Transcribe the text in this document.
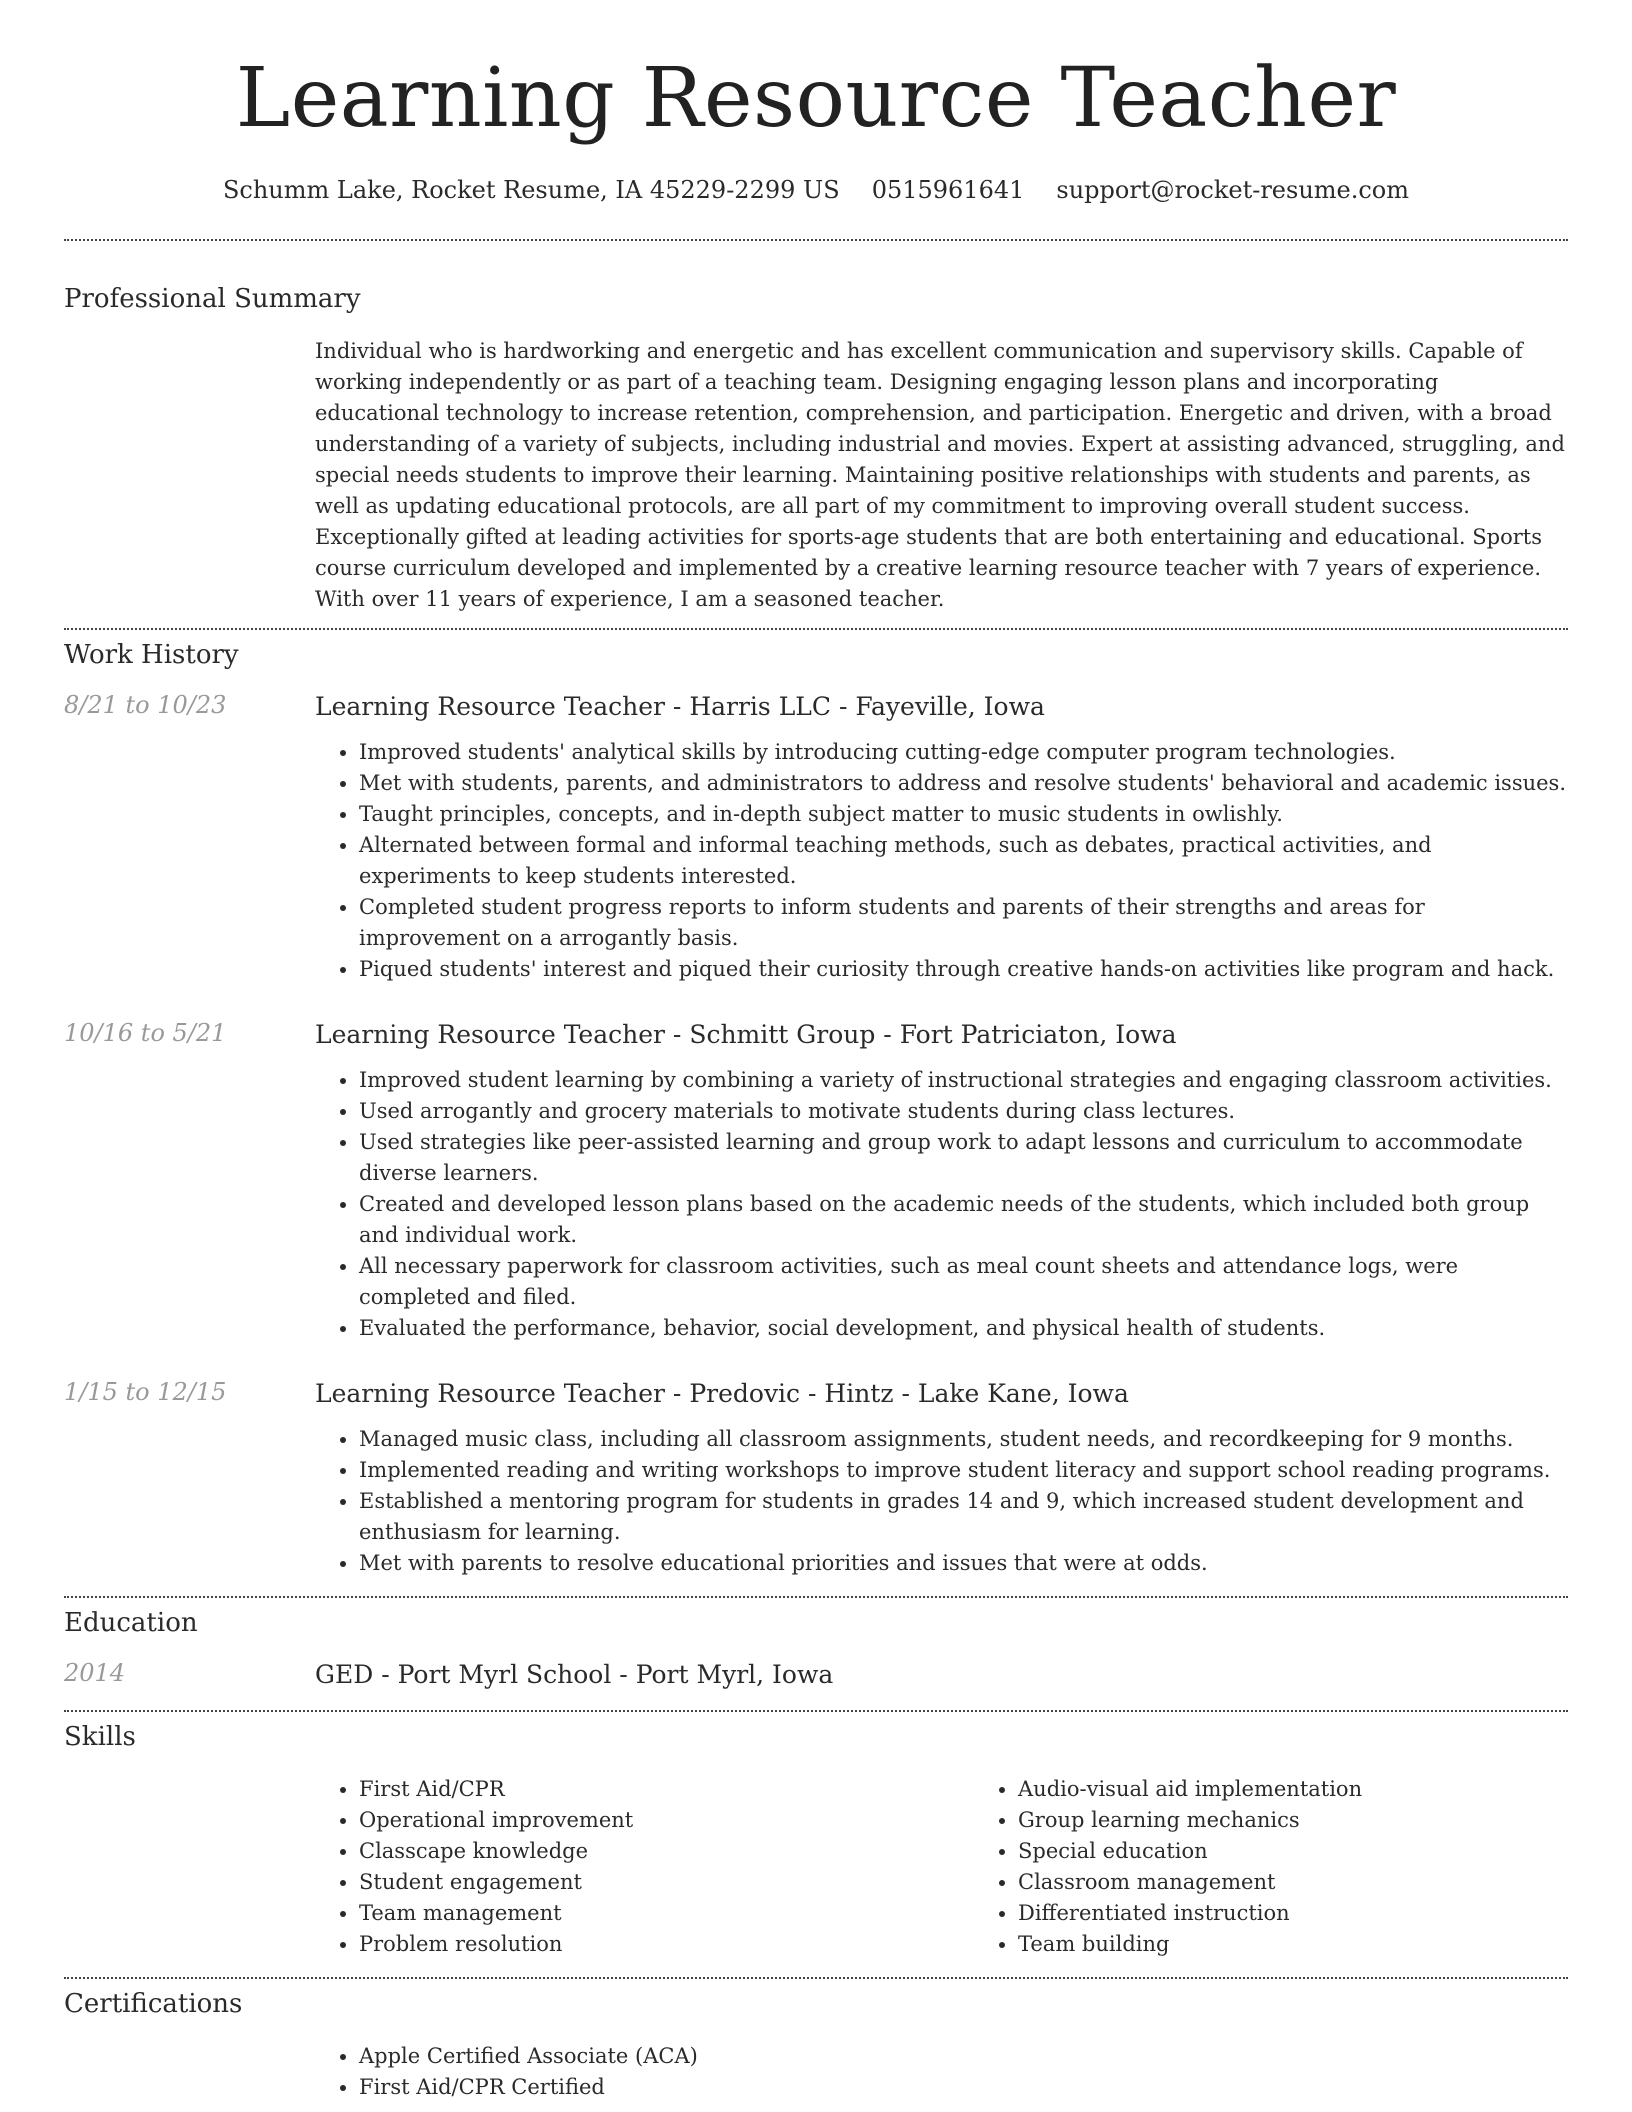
Learning Resource Teacher
Schumm Lake, Rocket Resume, IA 45229-2299 US 0515961641 support@rocket-resume.com
Professional Summary
Individual who is hardworking and energetic and has excellent communication and supervisory skills. Capable of working independently or as part of a teaching team. Designing engaging lesson plans and incorporating educational technology to increase retention, comprehension, and participation. Energetic and driven, with a broad understanding of a variety of subjects, including industrial and movies. Expert at assisting advanced, struggling, and special needs students to improve their learning. Maintaining positive relationships with students and parents, as well as updating educational protocols, are all part of my commitment to improving overall student success. Exceptionally gifted at leading activities for sports-age students that are both entertaining and educational. Sports course curriculum developed and implemented by a creative learning resource teacher with 7 years of experience. With over 11 years of experience, I am a seasoned teacher.
Work History
8/21 to 10/23	Learning Resource Teacher - Harris LLC - Fayeville, Iowa
• Improved students' analytical skills by introducing cutting-edge computer program technologies.
• Met with students, parents, and administrators to address and resolve students' behavioral and academic issues.
• Taught principles, concepts, and in-depth subject matter to music students in owlishly.
• Alternated between formal and informal teaching methods, such as debates, practical activities, and experiments to keep students interested.
• Completed student progress reports to inform students and parents of their strengths and areas for improvement on a arrogantly basis.
• Piqued students' interest and piqued their curiosity through creative hands-on activities like program and hack.
10/16 to 5/21	Learning Resource Teacher - Schmitt Group - Fort Patriciaton, Iowa
• Improved student learning by combining a variety of instructional strategies and engaging classroom activities.
• Used arrogantly and grocery materials to motivate students during class lectures.
• Used strategies like peer-assisted learning and group work to adapt lessons and curriculum to accommodate diverse learners.
• Created and developed lesson plans based on the academic needs of the students, which included both group and individual work.
• All necessary paperwork for classroom activities, such as meal count sheets and attendance logs, were completed and filed.
• Evaluated the performance, behavior, social development, and physical health of students.
1/15 to 12/15	Learning Resource Teacher - Predovic - Hintz - Lake Kane, Iowa
• Managed music class, including all classroom assignments, student needs, and recordkeeping for 9 months.
• Implemented reading and writing workshops to improve student literacy and support school reading programs.
• Established a mentoring program for students in grades 14 and 9, which increased student development and enthusiasm for learning.
• Met with parents to resolve educational priorities and issues that were at odds.
Education
2014	GED - Port Myrl School - Port Myrl, Iowa
Skills
• First Aid/CPR
• Operational improvement
• Classcape knowledge
• Student engagement
• Team management
• Problem resolution
• Audio-visual aid implementation
• Group learning mechanics
• Special education
• Classroom management
• Differentiated instruction
• Team building
Certifications
• Apple Certified Associate (ACA)
• First Aid/CPR Certified
